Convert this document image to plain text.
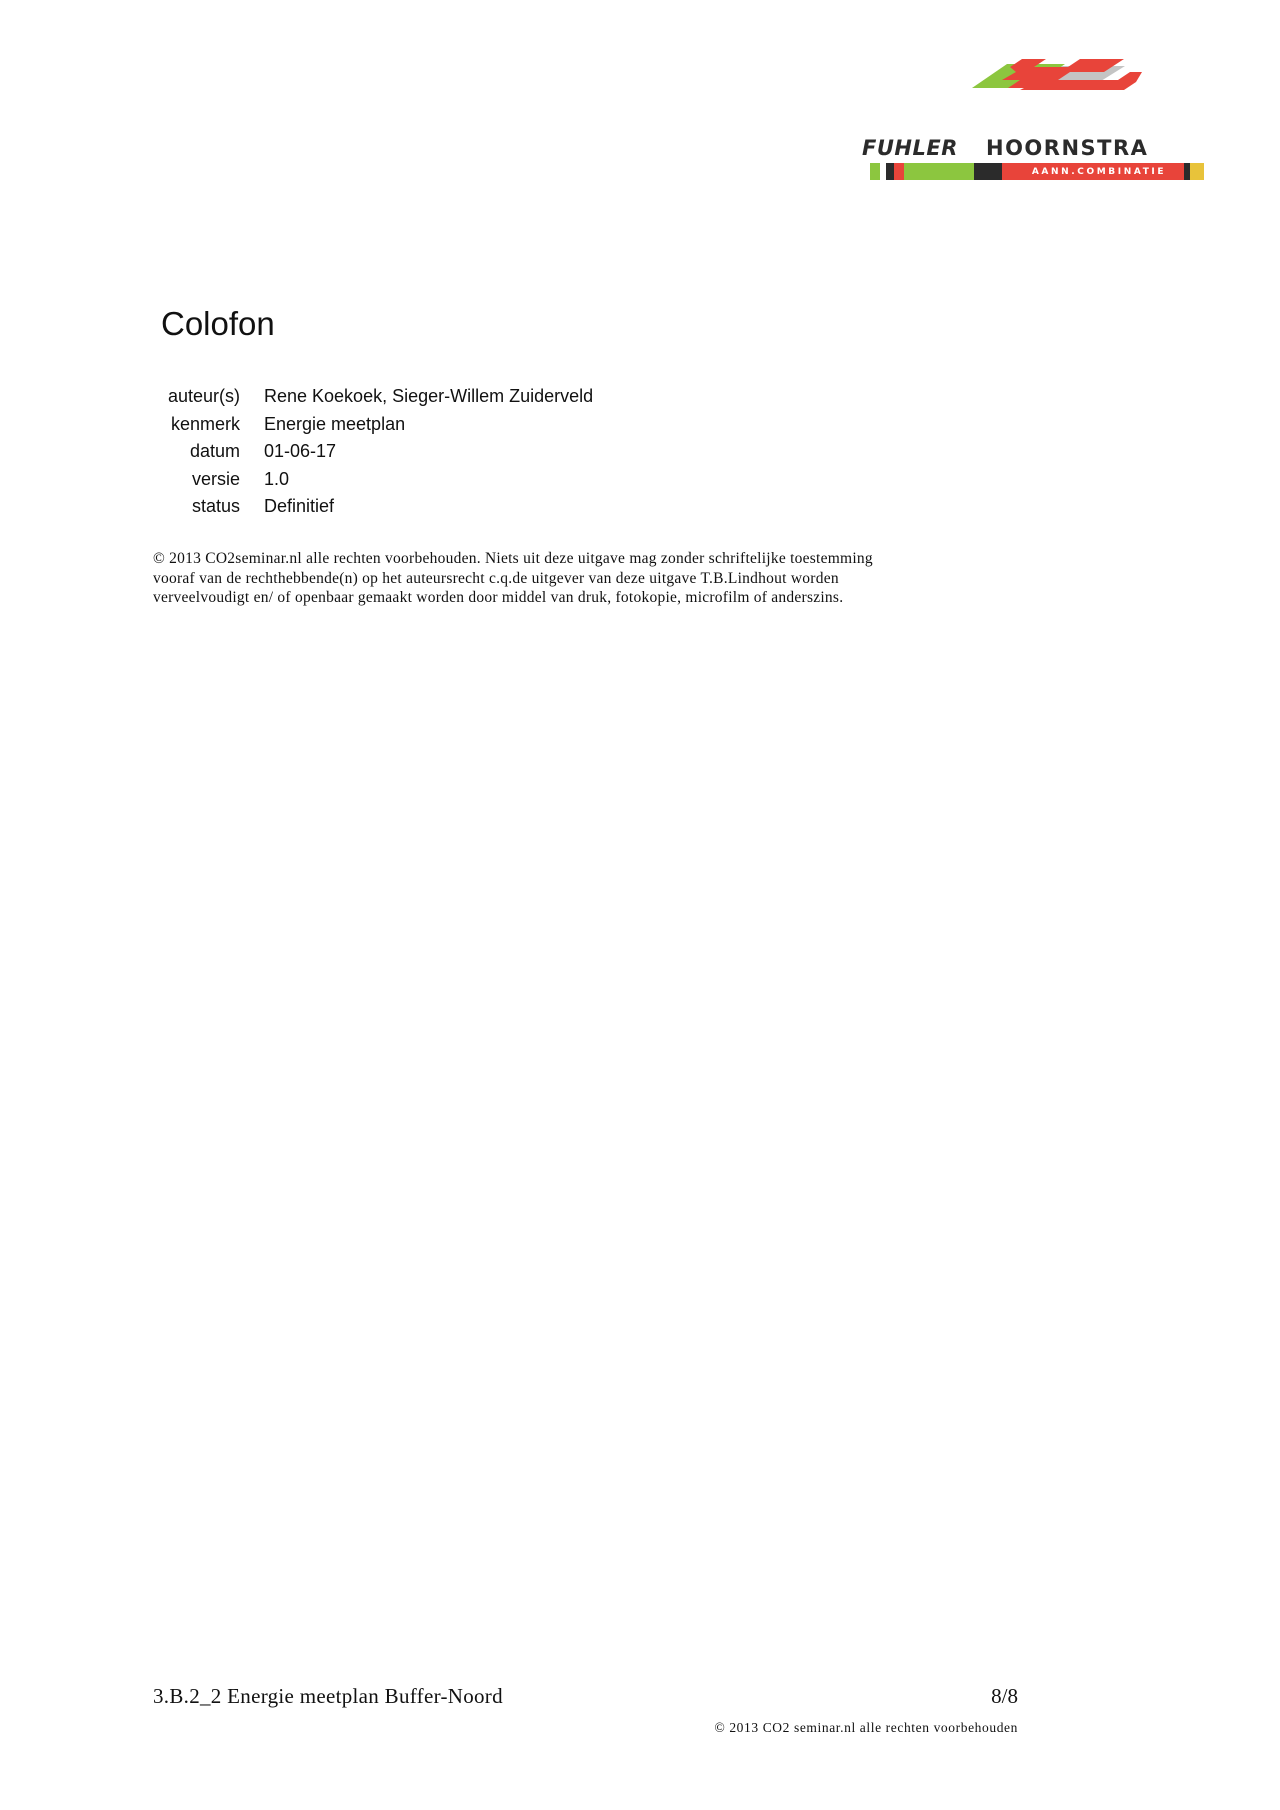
FUHLER HOORNSTRA
AANN.COMBINATIE
Colofon
auteur(s)	Rene Koekoek, Sieger-Willem Zuiderveld
kenmerk	Energie meetplan
datum	01-06-17
versie	1.0
status	Definitief

© 2013 CO2seminar.nl alle rechten voorbehouden. Niets uit deze uitgave mag zonder schriftelijke toestemming
vooraf van de rechthebbende(n) op het auteursrecht c.q.de uitgever van deze uitgave T.B.Lindhout worden
verveelvoudigt en/ of openbaar gemaakt worden door middel van druk, fotokopie, microfilm of anderszins.

3.B.2_2 Energie meetplan Buffer-Noord	8/8
© 2013 CO2 seminar.nl alle rechten voorbehouden
